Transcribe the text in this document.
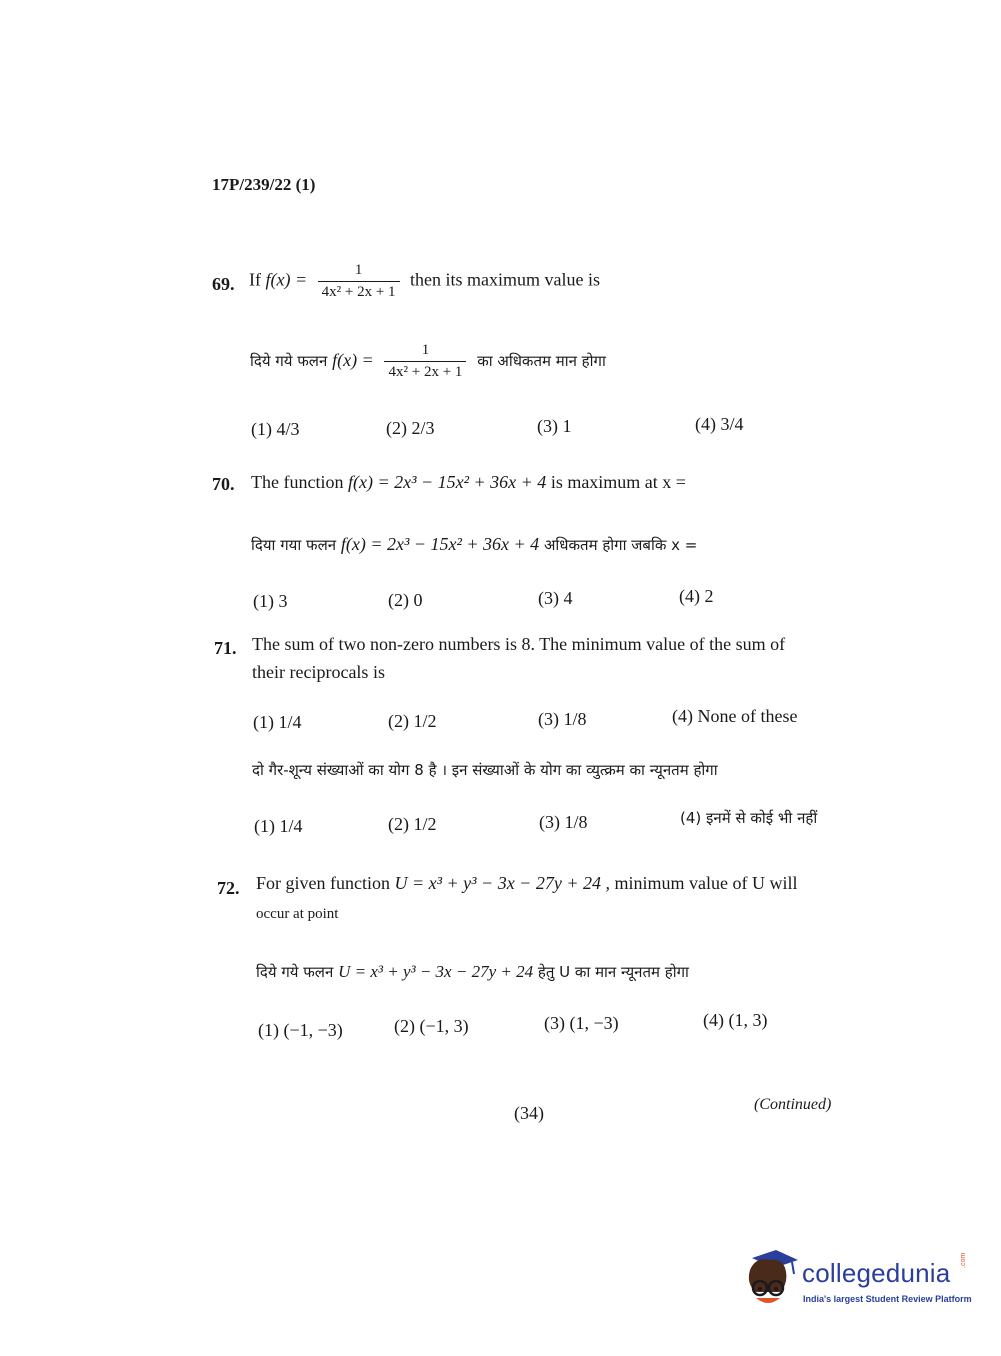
17P/239/22 (1)
69. If $f(x) = \frac{1}{\text{4x² + 2x + 1}}$ then its maximum value is
दिये गये फलन $f(x) = \frac{1}{\text{4x² + 2x + 1}}$ का अधिकतम मान होगा
(1) 4/3	(2) 2/3	(3) 1	(4) 3/4
70. The function f(x) = 2x³ − 15x² + 36x + 4 is maximum at x =
दिया गया फलन f(x) = 2x³ − 15x² + 36x + 4 अधिकतम होगा जबकि x =
(1) 3	(2) 0	(3) 4	(4) 2
71. The sum of two non-zero numbers is 8. The minimum value of the sum of
their reciprocals is
(1) 1/4	(2) 1/2	(3) 1/8	(4) None of these
दो गैर-शून्य संख्याओं का योग 8 है । इन संख्याओं के योग का व्युत्क्रम का न्यूनतम होगा
(1) 1/4	(2) 1/2	(3) 1/8	(4) इनमें से कोई भी नहीं
72. For given function U = x³ + y³ − 3x − 27y + 24 , minimum value of U will
occur at point
दिये गये फलन U = x³ + y³ − 3x − 27y + 24 हेतु U का मान न्यूनतम होगा
(1) (−1, −3)	(2) (−1, 3)	(3) (1, −3)	(4) (1, 3)
(34)	(Continued)
collegedunia .com
India's largest Student Review Platform
